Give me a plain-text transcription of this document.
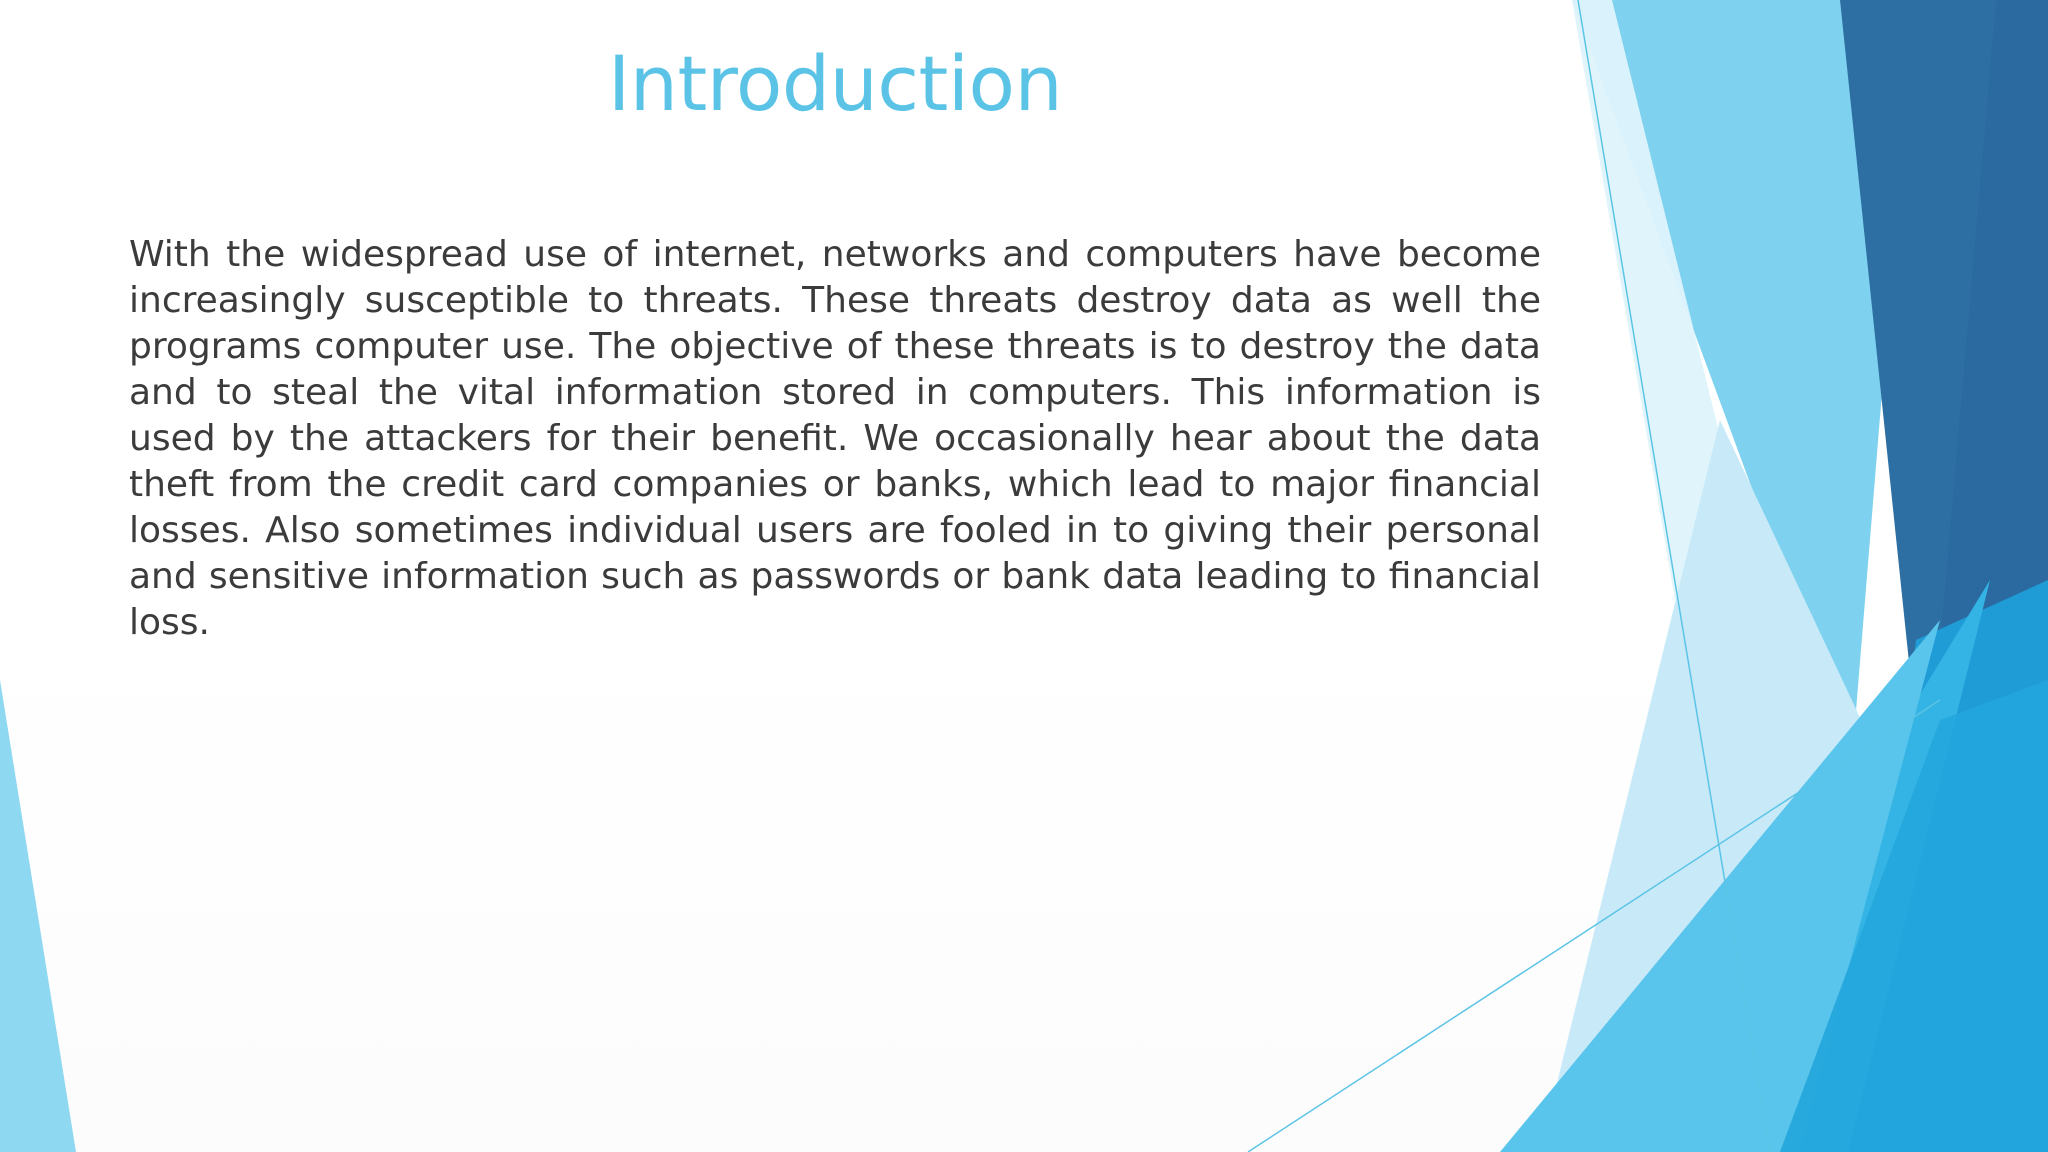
Introduction

With the widespread use of internet, networks and computers have become increasingly susceptible to threats. These threats destroy data as well the programs computer use. The objective of these threats is to destroy the data and to steal the vital information stored in computers. This information is used by the attackers for their benefit. We occasionally hear about the data theft from the credit card companies or banks, which lead to major financial losses. Also sometimes individual users are fooled in to giving their personal and sensitive information such as passwords or bank data leading to financial loss.
